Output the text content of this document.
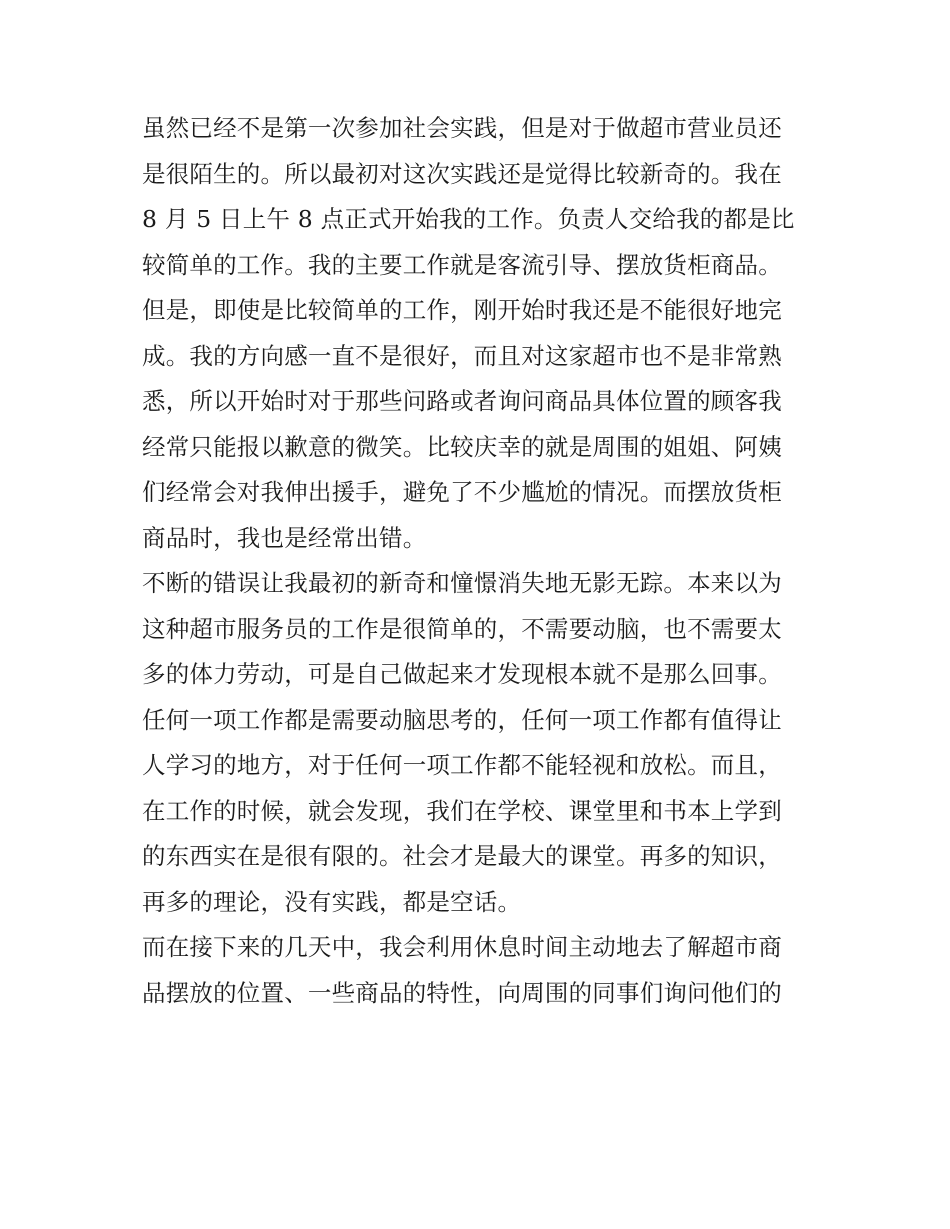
虽然已经不是第一次参加社会实践，但是对于做超市营业员还
是很陌生的。所以最初对这次实践还是觉得比较新奇的。我在
8 月 5 日上午 8 点正式开始我的工作。负责人交给我的都是比
较简单的工作。我的主要工作就是客流引导、摆放货柜商品。
但是，即使是比较简单的工作，刚开始时我还是不能很好地完
成。我的方向感一直不是很好，而且对这家超市也不是非常熟
悉，所以开始时对于那些问路或者询问商品具体位置的顾客我
经常只能报以歉意的微笑。比较庆幸的就是周围的姐姐、阿姨
们经常会对我伸出援手，避免了不少尴尬的情况。而摆放货柜
商品时，我也是经常出错。
不断的错误让我最初的新奇和憧憬消失地无影无踪。本来以为
这种超市服务员的工作是很简单的，不需要动脑，也不需要太
多的体力劳动，可是自己做起来才发现根本就不是那么回事。
任何一项工作都是需要动脑思考的，任何一项工作都有值得让
人学习的地方，对于任何一项工作都不能轻视和放松。而且，
在工作的时候，就会发现，我们在学校、课堂里和书本上学到
的东西实在是很有限的。社会才是最大的课堂。再多的知识，
再多的理论，没有实践，都是空话。
而在接下来的几天中，我会利用休息时间主动地去了解超市商
品摆放的位置、一些商品的特性，向周围的同事们询问他们的
